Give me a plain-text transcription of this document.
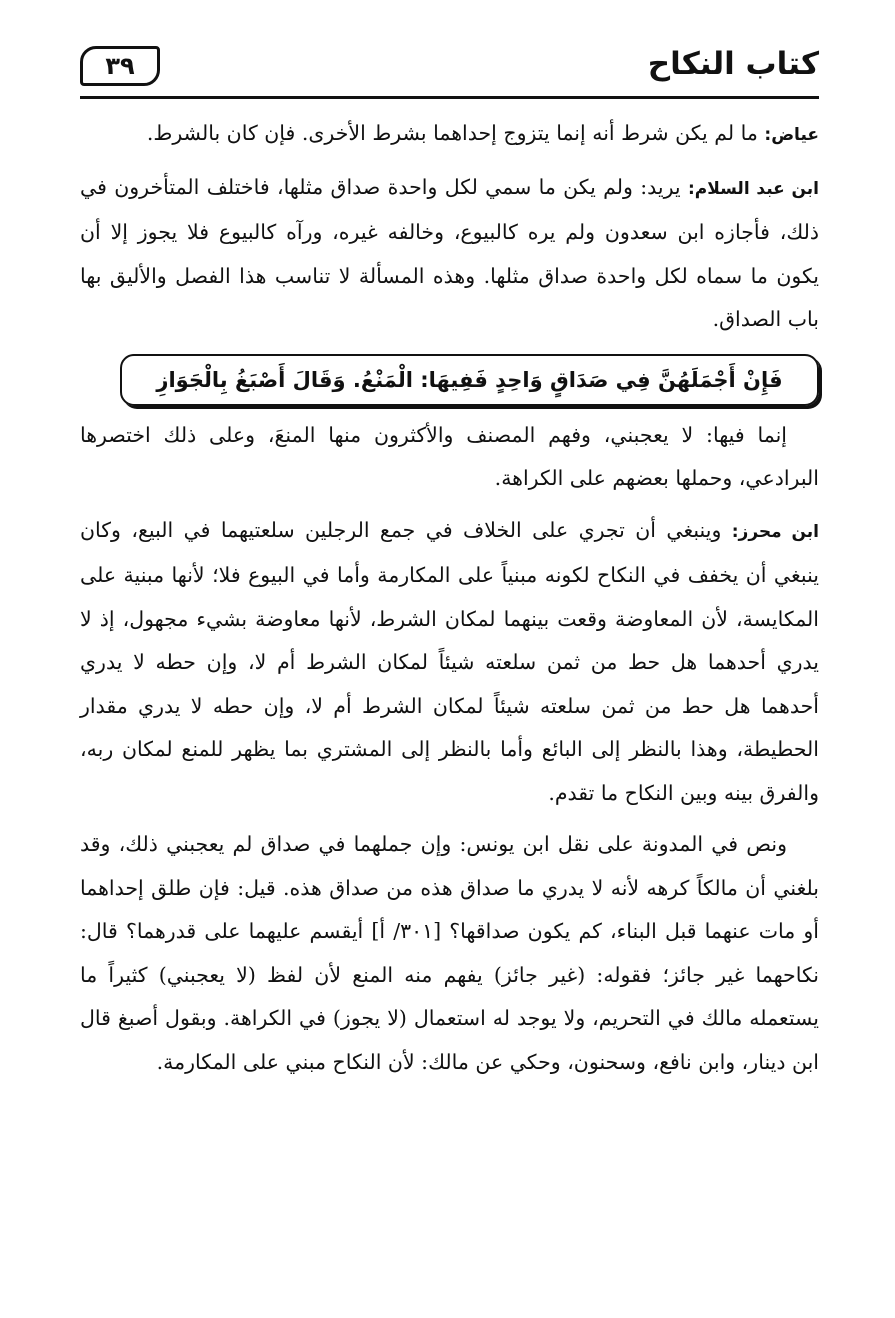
كتاب النكاح
٣٩

عياض: ما لم يكن شرط أنه إنما يتزوج إحداهما بشرط الأخرى. فإن كان بالشرط.

ابن عبد السلام: يريد: ولم يكن ما سمي لكل واحدة صداق مثلها، فاختلف المتأخرون في ذلك، فأجازه ابن سعدون ولم يره كالبيوع، وخالفه غيره، ورآه كالبيوع فلا يجوز إلا أن يكون ما سماه لكل واحدة صداق مثلها. وهذه المسألة لا تناسب هذا الفصل والأليق بها باب الصداق.

فَإِنْ أَجْمَلَهُنَّ فِي صَدَاقٍ وَاحِدٍ فَفِيهَا: الْمَنْعُ. وَقَالَ أَصْبَغُ بِالْجَوَازِ

إنما فيها: لا يعجبني، وفهم المصنف والأكثرون منها المنعَ، وعلى ذلك اختصرها البرادعي، وحملها بعضهم على الكراهة.

ابن محرز: وينبغي أن تجري على الخلاف في جمع الرجلين سلعتيهما في البيع، وكان ينبغي أن يخفف في النكاح لكونه مبنياً على المكارمة وأما في البيوع فلا؛ لأنها مبنية على المكايسة، لأن المعاوضة وقعت بينهما لمكان الشرط، لأنها معاوضة بشيء مجهول، إذ لا يدري أحدهما هل حط من ثمن سلعته شيئاً لمكان الشرط أم لا، وإن حطه لا يدري أحدهما هل حط من ثمن سلعته شيئاً لمكان الشرط أم لا، وإن حطه لا يدري مقدار الحطيطة، وهذا بالنظر إلى البائع وأما بالنظر إلى المشتري بما يظهر للمنع لمكان ربه، والفرق بينه وبين النكاح ما تقدم.

ونص في المدونة على نقل ابن يونس: وإن جملهما في صداق لم يعجبني ذلك، وقد بلغني أن مالكاً كرهه لأنه لا يدري ما صداق هذه من صداق هذه. قيل: فإن طلق إحداهما أو مات عنهما قبل البناء، كم يكون صداقها؟ [٣٠١/ أ] أيقسم عليهما على قدرهما؟ قال: نكاحهما غير جائز؛ فقوله: (غير جائز) يفهم منه المنع لأن لفظ (لا يعجبني) كثيراً ما يستعمله مالك في التحريم، ولا يوجد له استعمال (لا يجوز) في الكراهة. وبقول أصبغ قال ابن دينار، وابن نافع، وسحنون، وحكي عن مالك: لأن النكاح مبني على المكارمة.
